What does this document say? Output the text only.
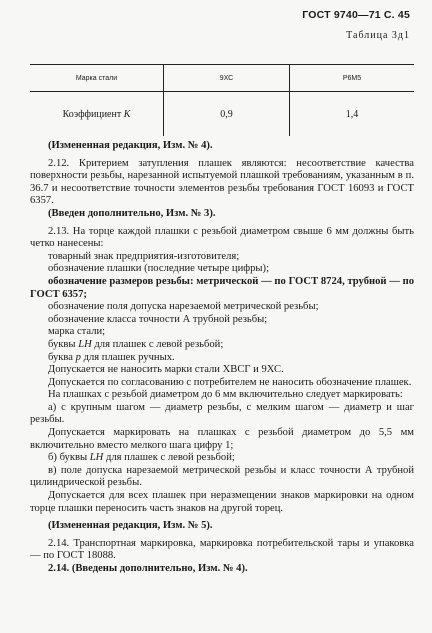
ГОСТ 9740—71 С. 45
Таблица 3д1
Марка стали	9ХС	Р6М5
Коэффициент K	0,9	1,4

(Измененная редакция, Изм. № 4).

2.12. Критерием затупления плашек являются: несоответствие качества поверхности резьбы, нарезанной испытуемой плашкой требованиям, указанным в п. 36.7 и несоответствие точности элементов резьбы требования ГОСТ 16093 и ГОСТ 6357.

(Введен дополнительно, Изм. № 3).

2.13. На торце каждой плашки с резьбой диаметром свыше 6 мм должны быть четко нанесены:

товарный знак предприятия-изготовителя;

обозначение плашки (последние четыре цифры);

обозначение размеров резьбы: метрической — по ГОСТ 8724, трубной — по ГОСТ 6357;

обозначение поля допуска нарезаемой метрической резьбы;

обозначение класса точности А трубной резьбы;

марка стали;

буквы LH для плашек с левой резьбой;

буква р для плашек ручных.

Допускается не наносить марки стали ХВСГ и 9ХС.

Допускается по согласованию с потребителем не наносить обозначение плашек.

На плашках с резьбой диаметром до 6 мм включительно следует маркировать:

а) с крупным шагом — диаметр резьбы, с мелким шагом — диаметр и шаг резьбы.

Допускается маркировать на плашках с резьбой диаметром до 5,5 мм включительно вместо мелкого шага цифру 1;

б) буквы LH для плашек с левой резьбой;

в) поле допуска нарезаемой метрической резьбы и класс точности А трубной цилиндрической резьбы.

Допускается для всех плашек при неразмещении знаков маркировки на одном торце плашки переносить часть знаков на другой торец.

(Измененная редакция, Изм. № 5).

2.14. Транспортная маркировка, маркировка потребительской тары и упаковка — по ГОСТ 18088.

2.14. (Введены дополнительно, Изм. № 4).
